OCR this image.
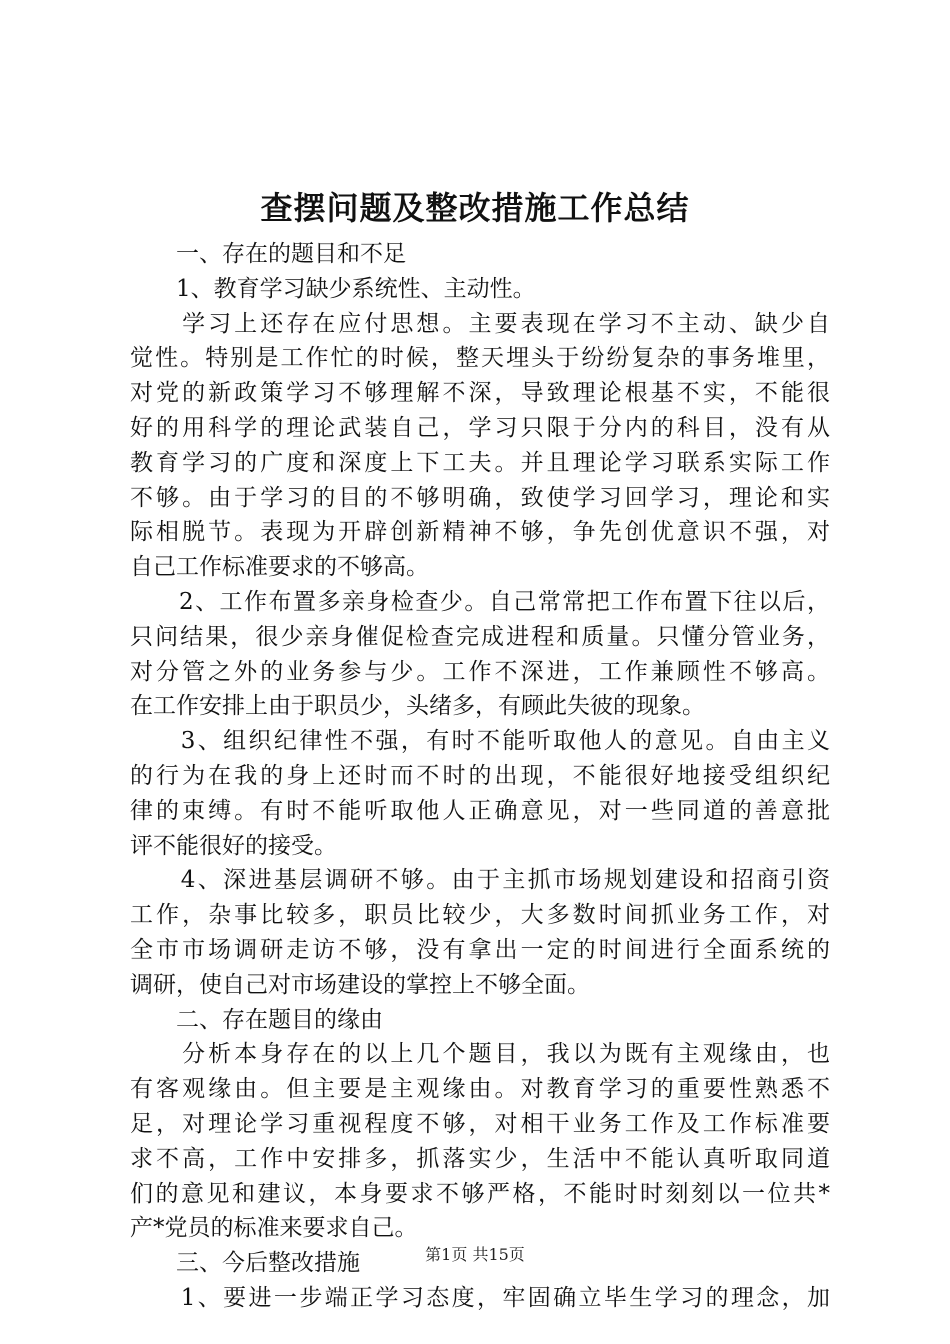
查摆问题及整改措施工作总结
　　一、存在的题目和不足
　　1、教育学习缺少系统性、主动性。
　　学习上还存在应付思想。主要表现在学习不主动、缺少自
觉性。特别是工作忙的时候，整天埋头于纷纷复杂的事务堆里，
对党的新政策学习不够理解不深，导致理论根基不实，不能很
好的用科学的理论武装自己，学习只限于分内的科目，没有从
教育学习的广度和深度上下工夫。并且理论学习联系实际工作
不够。由于学习的目的不够明确，致使学习回学习，理论和实
际相脱节。表现为开辟创新精神不够，争先创优意识不强，对
自己工作标准要求的不够高。
　　2、工作布置多亲身检查少。自己常常把工作布置下往以后，
只问结果，很少亲身催促检查完成进程和质量。只懂分管业务，
对分管之外的业务参与少。工作不深进，工作兼顾性不够高。
在工作安排上由于职员少，头绪多，有顾此失彼的现象。
　　3、组织纪律性不强，有时不能听取他人的意见。自由主义
的行为在我的身上还时而不时的出现，不能很好地接受组织纪
律的束缚。有时不能听取他人正确意见，对一些同道的善意批
评不能很好的接受。
　　4、深进基层调研不够。由于主抓市场规划建设和招商引资
工作，杂事比较多，职员比较少，大多数时间抓业务工作，对
全市市场调研走访不够，没有拿出一定的时间进行全面系统的
调研，使自己对市场建设的掌控上不够全面。
　　二、存在题目的缘由
　　分析本身存在的以上几个题目，我以为既有主观缘由，也
有客观缘由。但主要是主观缘由。对教育学习的重要性熟悉不
足，对理论学习重视程度不够，对相干业务工作及工作标准要
求不高，工作中安排多，抓落实少，生活中不能认真听取同道
们的意见和建议，本身要求不够严格，不能时时刻刻以一位共*
产*党员的标准来要求自己。
　　三、今后整改措施
　　1、要进一步端正学习态度，牢固确立毕生学习的理念，加
第1页 共15页
